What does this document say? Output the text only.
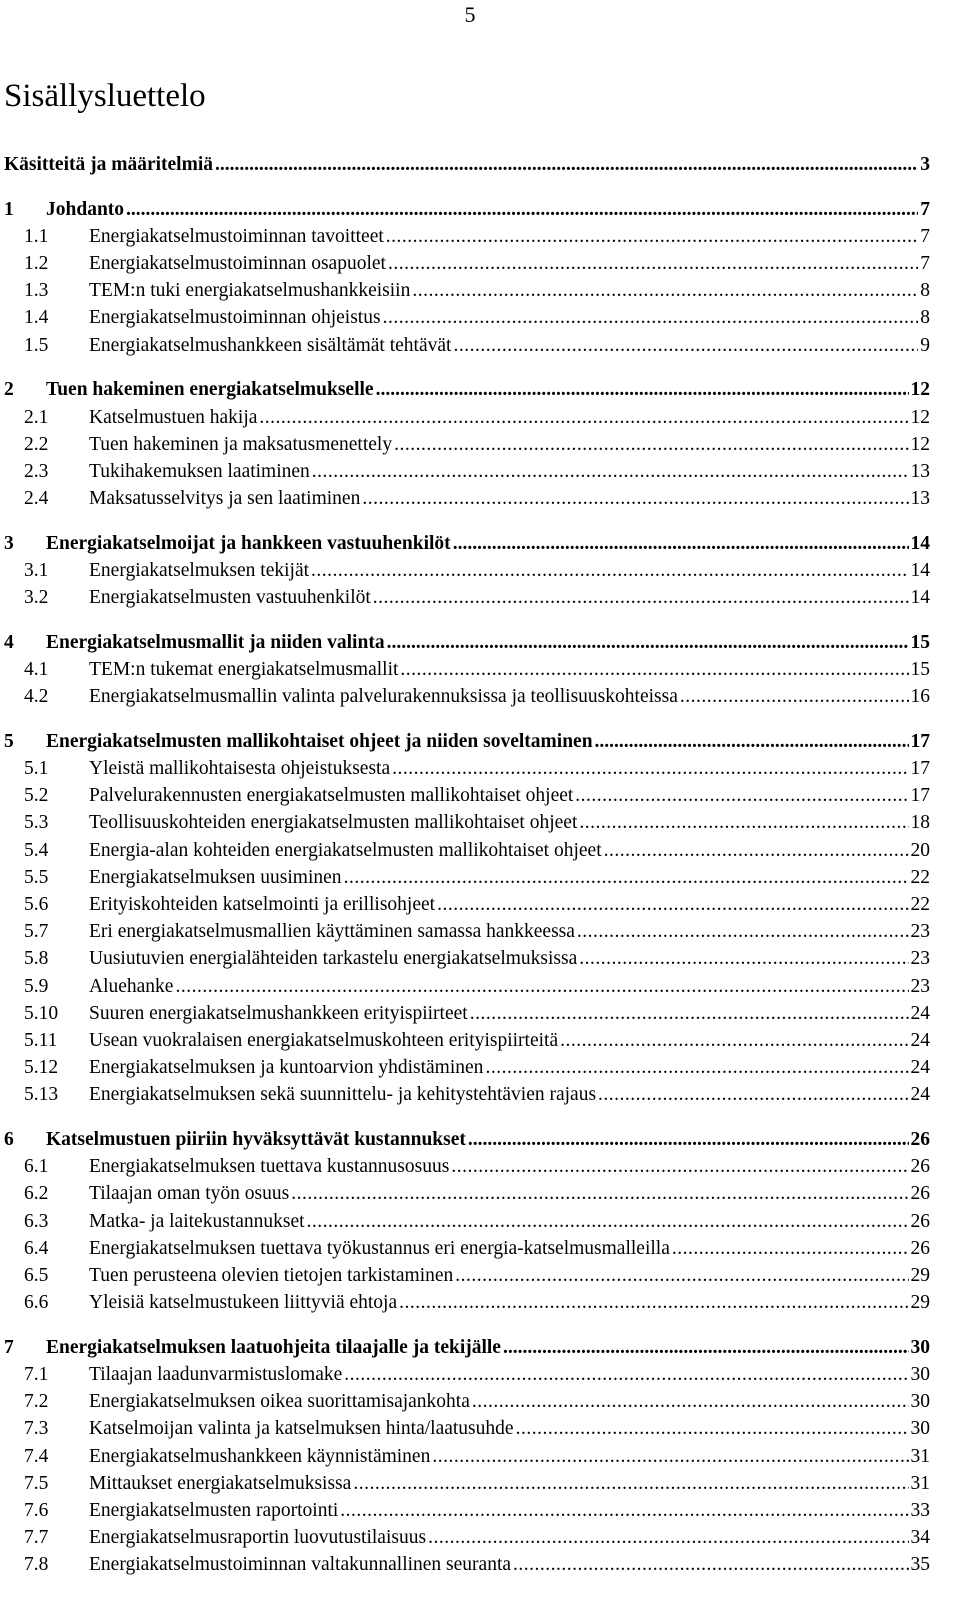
5
Sisällysluettelo
Käsitteitä ja määritelmiä .....	3
1	Johdanto .....	7
1.1	Energiakatselmustoiminnan tavoitteet .....	7
1.2	Energiakatselmustoiminnan osapuolet .....	7
1.3	TEM:n tuki energiakatselmushankkeisiin .....	8
1.4	Energiakatselmustoiminnan ohjeistus .....	8
1.5	Energiakatselmushankkeen sisältämät tehtävät .....	9
2	Tuen hakeminen energiakatselmukselle .....	12
2.1	Katselmustuen hakija .....	12
2.2	Tuen hakeminen ja maksatusmenettely .....	12
2.3	Tukihakemuksen laatiminen .....	13
2.4	Maksatusselvitys ja sen laatiminen .....	13
3	Energiakatselmoijat ja hankkeen vastuuhenkilöt .....	14
3.1	Energiakatselmuksen tekijät .....	14
3.2	Energiakatselmusten vastuuhenkilöt .....	14
4	Energiakatselmusmallit ja niiden valinta .....	15
4.1	TEM:n tukemat energiakatselmusmallit .....	15
4.2	Energiakatselmusmallin valinta palvelurakennuksissa ja teollisuuskohteissa .....	16
5	Energiakatselmusten mallikohtaiset ohjeet ja niiden soveltaminen .....	17
5.1	Yleistä mallikohtaisesta ohjeistuksesta .....	17
5.2	Palvelurakennusten energiakatselmusten mallikohtaiset ohjeet .....	17
5.3	Teollisuuskohteiden energiakatselmusten mallikohtaiset ohjeet .....	18
5.4	Energia-alan kohteiden energiakatselmusten mallikohtaiset ohjeet .....	20
5.5	Energiakatselmuksen uusiminen .....	22
5.6	Erityiskohteiden katselmointi ja erillisohjeet .....	22
5.7	Eri energiakatselmusmallien käyttäminen samassa hankkeessa .....	23
5.8	Uusiutuvien energialähteiden tarkastelu energiakatselmuksissa .....	23
5.9	Aluehanke .....	23
5.10	Suuren energiakatselmushankkeen erityispiirteet .....	24
5.11	Usean vuokralaisen energiakatselmuskohteen erityispiirteitä .....	24
5.12	Energiakatselmuksen ja kuntoarvion yhdistäminen .....	24
5.13	Energiakatselmuksen sekä suunnittelu- ja kehitystehtävien rajaus .....	24
6	Katselmustuen piiriin hyväksyttävät kustannukset .....	26
6.1	Energiakatselmuksen tuettava kustannusosuus .....	26
6.2	Tilaajan oman työn osuus .....	26
6.3	Matka- ja laitekustannukset .....	26
6.4	Energiakatselmuksen tuettava työkustannus eri energia-katselmusmalleilla .....	26
6.5	Tuen perusteena olevien tietojen tarkistaminen .....	29
6.6	Yleisiä katselmustukeen liittyviä ehtoja .....	29
7	Energiakatselmuksen laatuohjeita tilaajalle ja tekijälle .....	30
7.1	Tilaajan laadunvarmistuslomake .....	30
7.2	Energiakatselmuksen oikea suorittamisajankohta .....	30
7.3	Katselmoijan valinta ja katselmuksen hinta/laatusuhde .....	30
7.4	Energiakatselmushankkeen käynnistäminen .....	31
7.5	Mittaukset energiakatselmuksissa .....	31
7.6	Energiakatselmusten raportointi .....	33
7.7	Energiakatselmusraportin luovutustilaisuus .....	34
7.8	Energiakatselmustoiminnan valtakunnallinen seuranta .....	35
